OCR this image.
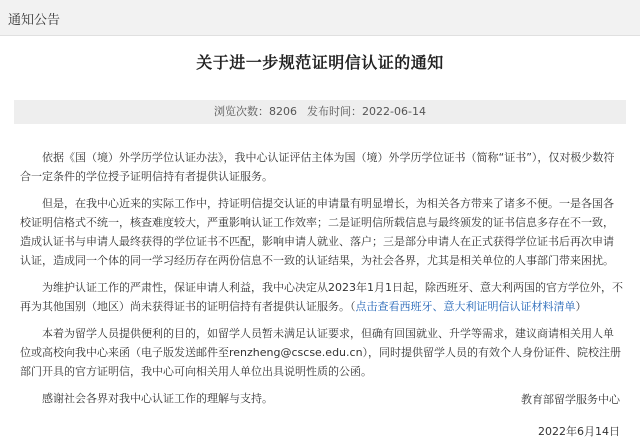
通知公告
关于进一步规范证明信认证的通知
浏览次数：8206 发布时间：2022-06-14

依据《国（境）外学历学位认证办法》，我中心认证评估主体为国（境）外学历学位证书（简称“证书”），仅对极少数符合一定条件的学位授予证明信持有者提供认证服务。

但是，在我中心近来的实际工作中，持证明信提交认证的申请量有明显增长，为相关各方带来了诸多不便。一是各国各校证明信格式不统一，核查难度较大，严重影响认证工作效率；二是证明信所载信息与最终颁发的证书信息多存在不一致，造成认证书与申请人最终获得的学位证书不匹配，影响申请人就业、落户；三是部分申请人在正式获得学位证书后再次申请认证，造成同一个体的同一学习经历存在两份信息不一致的认证结果，为社会各界，尤其是相关单位的人事部门带来困扰。

为维护认证工作的严肃性，保证申请人利益，我中心决定从2023年1月1日起，除西班牙、意大利两国的官方学位外，不再为其他国别（地区）尚未获得证书的证明信持有者提供认证服务。（点击查看西班牙、意大利证明信认证材料清单）

本着为留学人员提供便利的目的，如留学人员暂未满足认证要求，但确有回国就业、升学等需求，建议商请相关用人单位或高校向我中心来函（电子版发送邮件至renzheng@cscse.edu.cn），同时提供留学人员的有效个人身份证件、院校注册部门开具的官方证明信，我中心可向相关用人单位出具说明性质的公函。

感谢社会各界对我中心认证工作的理解与支持。	教育部留学服务中心
2022年6月14日
